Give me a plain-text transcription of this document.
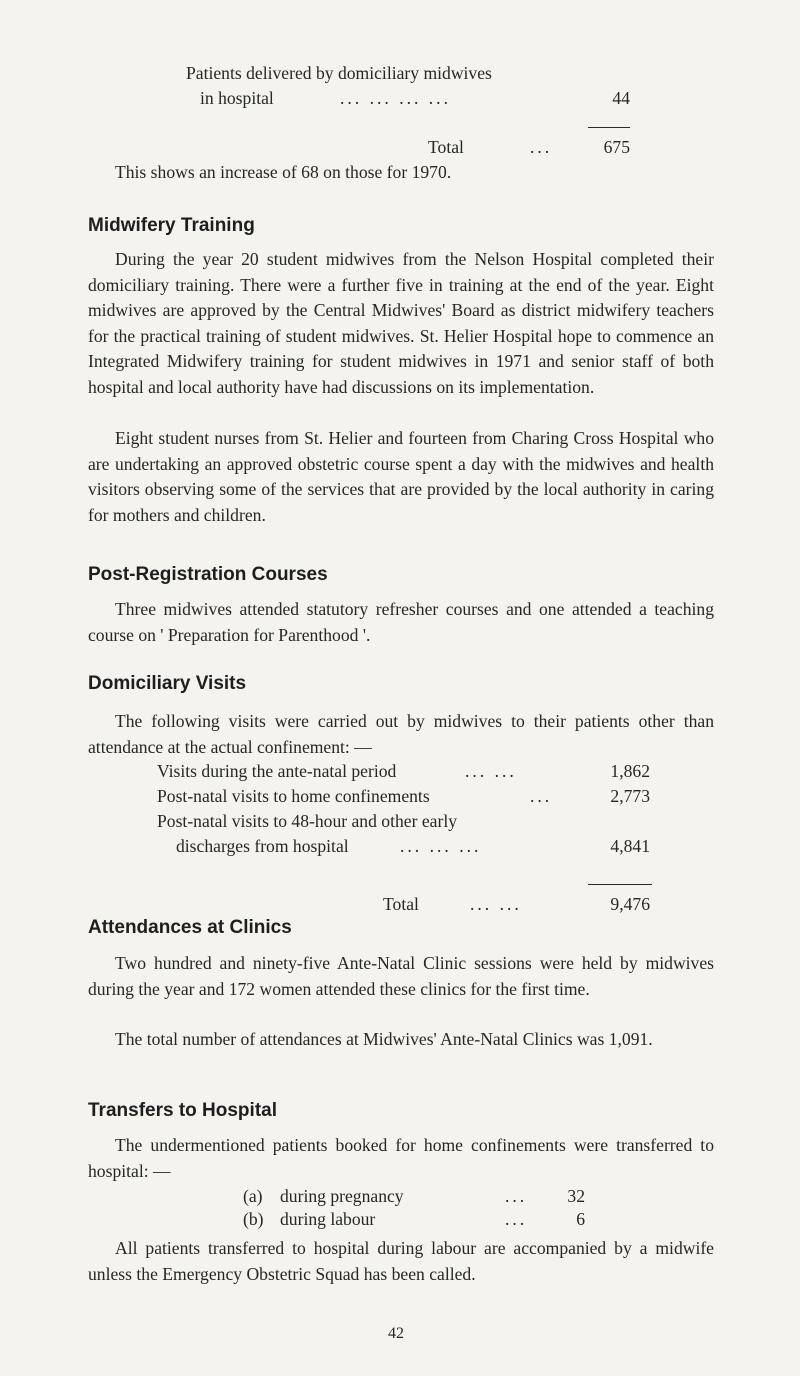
Patients delivered by domiciliary midwives
in hospital	... ... ... ...	44
Total	...	675

This shows an increase of 68 on those for 1970.

Midwifery Training

During the year 20 student midwives from the Nelson Hospital completed their domiciliary training. There were a further five in training at the end of the year. Eight midwives are approved by the Central Midwives' Board as district midwifery teachers for the practical training of student midwives. St. Helier Hospital hope to commence an Integrated Midwifery training for student midwives in 1971 and senior staff of both hospital and local authority have had discussions on its implementation.

Eight student nurses from St. Helier and fourteen from Charing Cross Hospital who are undertaking an approved obstetric course spent a day with the midwives and health visitors observing some of the services that are provided by the local authority in caring for mothers and children.

Post-Registration Courses

Three midwives attended statutory refresher courses and one attended a teaching course on ' Preparation for Parenthood '.

Domiciliary Visits

The following visits were carried out by midwives to their patients other than attendance at the actual confinement: —

Visits during the ante-natal period	... ...	1,862
Post-natal visits to home confinements	...	2,773
Post-natal visits to 48-hour and other early
discharges from hospital	... ... ...	4,841
Total	... ...	9,476
Attendances at Clinics

Two hundred and ninety-five Ante-Natal Clinic sessions were held by midwives during the year and 172 women attended these clinics for the first time.

The total number of attendances at Midwives' Ante-Natal Clinics was 1,091.

Transfers to Hospital

The undermentioned patients booked for home confinements were transferred to hospital: —

(a) during pregnancy	...	32
(b) during labour	...	6

All patients transferred to hospital during labour are accompanied by a midwife unless the Emergency Obstetric Squad has been called.

42
